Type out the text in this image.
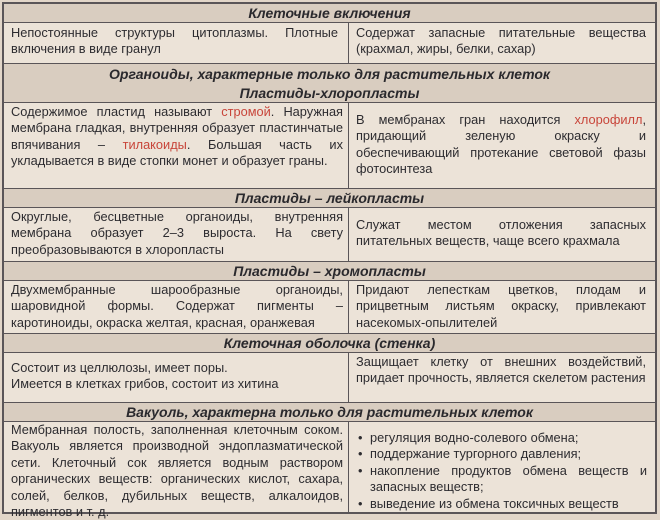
Клеточные включения
Непостоянные структуры цитоплазмы. Плотные включения в виде гранул
Содержат запасные питательные вещества (крахмал, жиры, белки, сахар)
Органоиды, характерные только для растительных клеток
Пластиды-хлоропласты
Содержимое пластид называют стромой. Наружная мембрана гладкая, внутренняя образует пластинчатые впячивания – тилакоиды. Большая часть их укладывается в виде стопки монет и образует граны.
В мембранах гран находится хлорофилл, придающий зеленую окраску и обеспечивающий протекание световой фазы фотосинтеза
Пластиды – лейкопласты
Округлые, бесцветные органоиды, внутренняя мембрана образует 2–3 выроста. На свету преобразовываются в хлоропласты
Служат местом отложения запасных питательных веществ, чаще всего крахмала
Пластиды – хромопласты
Двухмембранные шарообразные органоиды, шаровидной формы. Содержат пигменты – каротиноиды, окраска желтая, красная, оранжевая
Придают лепесткам цветков, плодам и прицветным листьям окраску, привлекают насекомых-опылителей
Клеточная оболочка (стенка)
Состоит из целлюлозы, имеет поры.
Имеется в клетках грибов, состоит из хитина
Защищает клетку от внешних воздействий, придает прочность, является скелетом растения
Вакуоль, характерна только для растительных клеток
Мембранная полость, заполненная клеточным соком. Вакуоль является производной эндоплазматической сети. Клеточный сок является водным раствором органических веществ: органических кислот, сахара, солей, белков, дубильных веществ, алкалоидов, пигментов и т. д.
• регуляция водно-солевого обмена;
• поддержание тургорного давления;
• накопление продуктов обмена веществ и запасных веществ;
• выведение из обмена токсичных веществ
